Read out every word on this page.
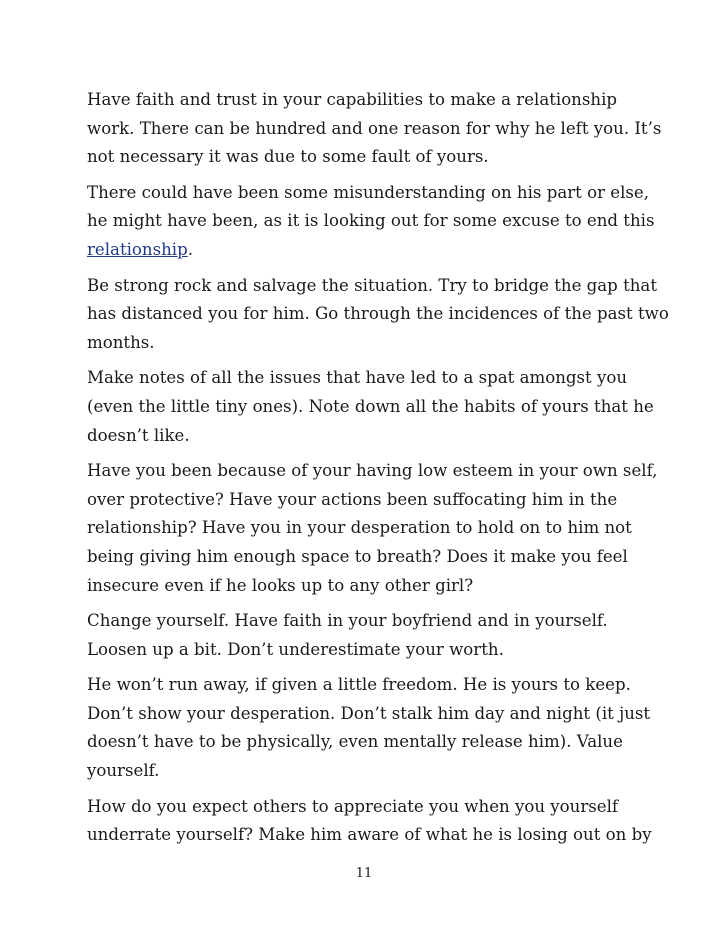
Have faith and trust in your capabilities to make a relationship
work. There can be hundred and one reason for why he left you. It’s
not necessary it was due to some fault of yours.

There could have been some misunderstanding on his part or else,
he might have been, as it is looking out for some excuse to end this
relationship.

Be strong rock and salvage the situation. Try to bridge the gap that
has distanced you for him. Go through the incidences of the past two
months.

Make notes of all the issues that have led to a spat amongst you
(even the little tiny ones). Note down all the habits of yours that he
doesn’t like.

Have you been because of your having low esteem in your own self,
over protective? Have your actions been suffocating him in the
relationship? Have you in your desperation to hold on to him not
being giving him enough space to breath? Does it make you feel
insecure even if he looks up to any other girl?

Change yourself. Have faith in your boyfriend and in yourself.
Loosen up a bit. Don’t underestimate your worth.

He won’t run away, if given a little freedom. He is yours to keep.
Don’t show your desperation. Don’t stalk him day and night (it just
doesn’t have to be physically, even mentally release him). Value
yourself.

How do you expect others to appreciate you when you yourself
underrate yourself? Make him aware of what he is losing out on by

11
